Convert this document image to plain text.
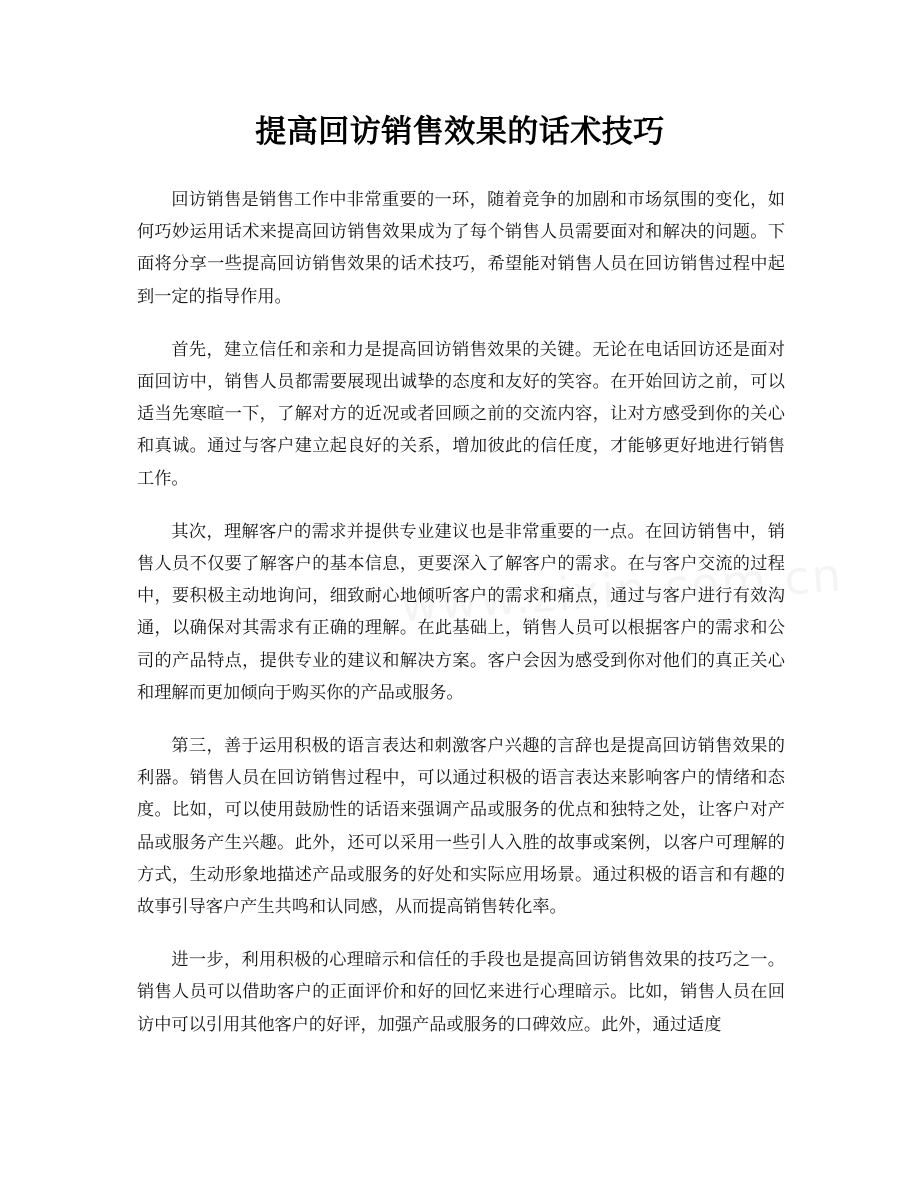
提高回访销售效果的话术技巧

回访销售是销售工作中非常重要的一环，随着竞争的加剧和市场氛围的变化，如何巧妙运用话术来提高回访销售效果成为了每个销售人员需要面对和解决的问题。下面将分享一些提高回访销售效果的话术技巧，希望能对销售人员在回访销售过程中起到一定的指导作用。

首先，建立信任和亲和力是提高回访销售效果的关键。无论在电话回访还是面对面回访中，销售人员都需要展现出诚挚的态度和友好的笑容。在开始回访之前，可以适当先寒暄一下，了解对方的近况或者回顾之前的交流内容，让对方感受到你的关心和真诚。通过与客户建立起良好的关系，增加彼此的信任度，才能够更好地进行销售工作。

其次，理解客户的需求并提供专业建议也是非常重要的一点。在回访销售中，销售人员不仅要了解客户的基本信息，更要深入了解客户的需求。在与客户交流的过程中，要积极主动地询问，细致耐心地倾听客户的需求和痛点，通过与客户进行有效沟通，以确保对其需求有正确的理解。在此基础上，销售人员可以根据客户的需求和公司的产品特点，提供专业的建议和解决方案。客户会因为感受到你对他们的真正关心和理解而更加倾向于购买你的产品或服务。

第三，善于运用积极的语言表达和刺激客户兴趣的言辞也是提高回访销售效果的利器。销售人员在回访销售过程中，可以通过积极的语言表达来影响客户的情绪和态度。比如，可以使用鼓励性的话语来强调产品或服务的优点和独特之处，让客户对产品或服务产生兴趣。此外，还可以采用一些引人入胜的故事或案例，以客户可理解的方式，生动形象地描述产品或服务的好处和实际应用场景。通过积极的语言和有趣的故事引导客户产生共鸣和认同感，从而提高销售转化率。

进一步，利用积极的心理暗示和信任的手段也是提高回访销售效果的技巧之一。销售人员可以借助客户的正面评价和好的回忆来进行心理暗示。比如，销售人员在回访中可以引用其他客户的好评，加强产品或服务的口碑效应。此外，通过适度
